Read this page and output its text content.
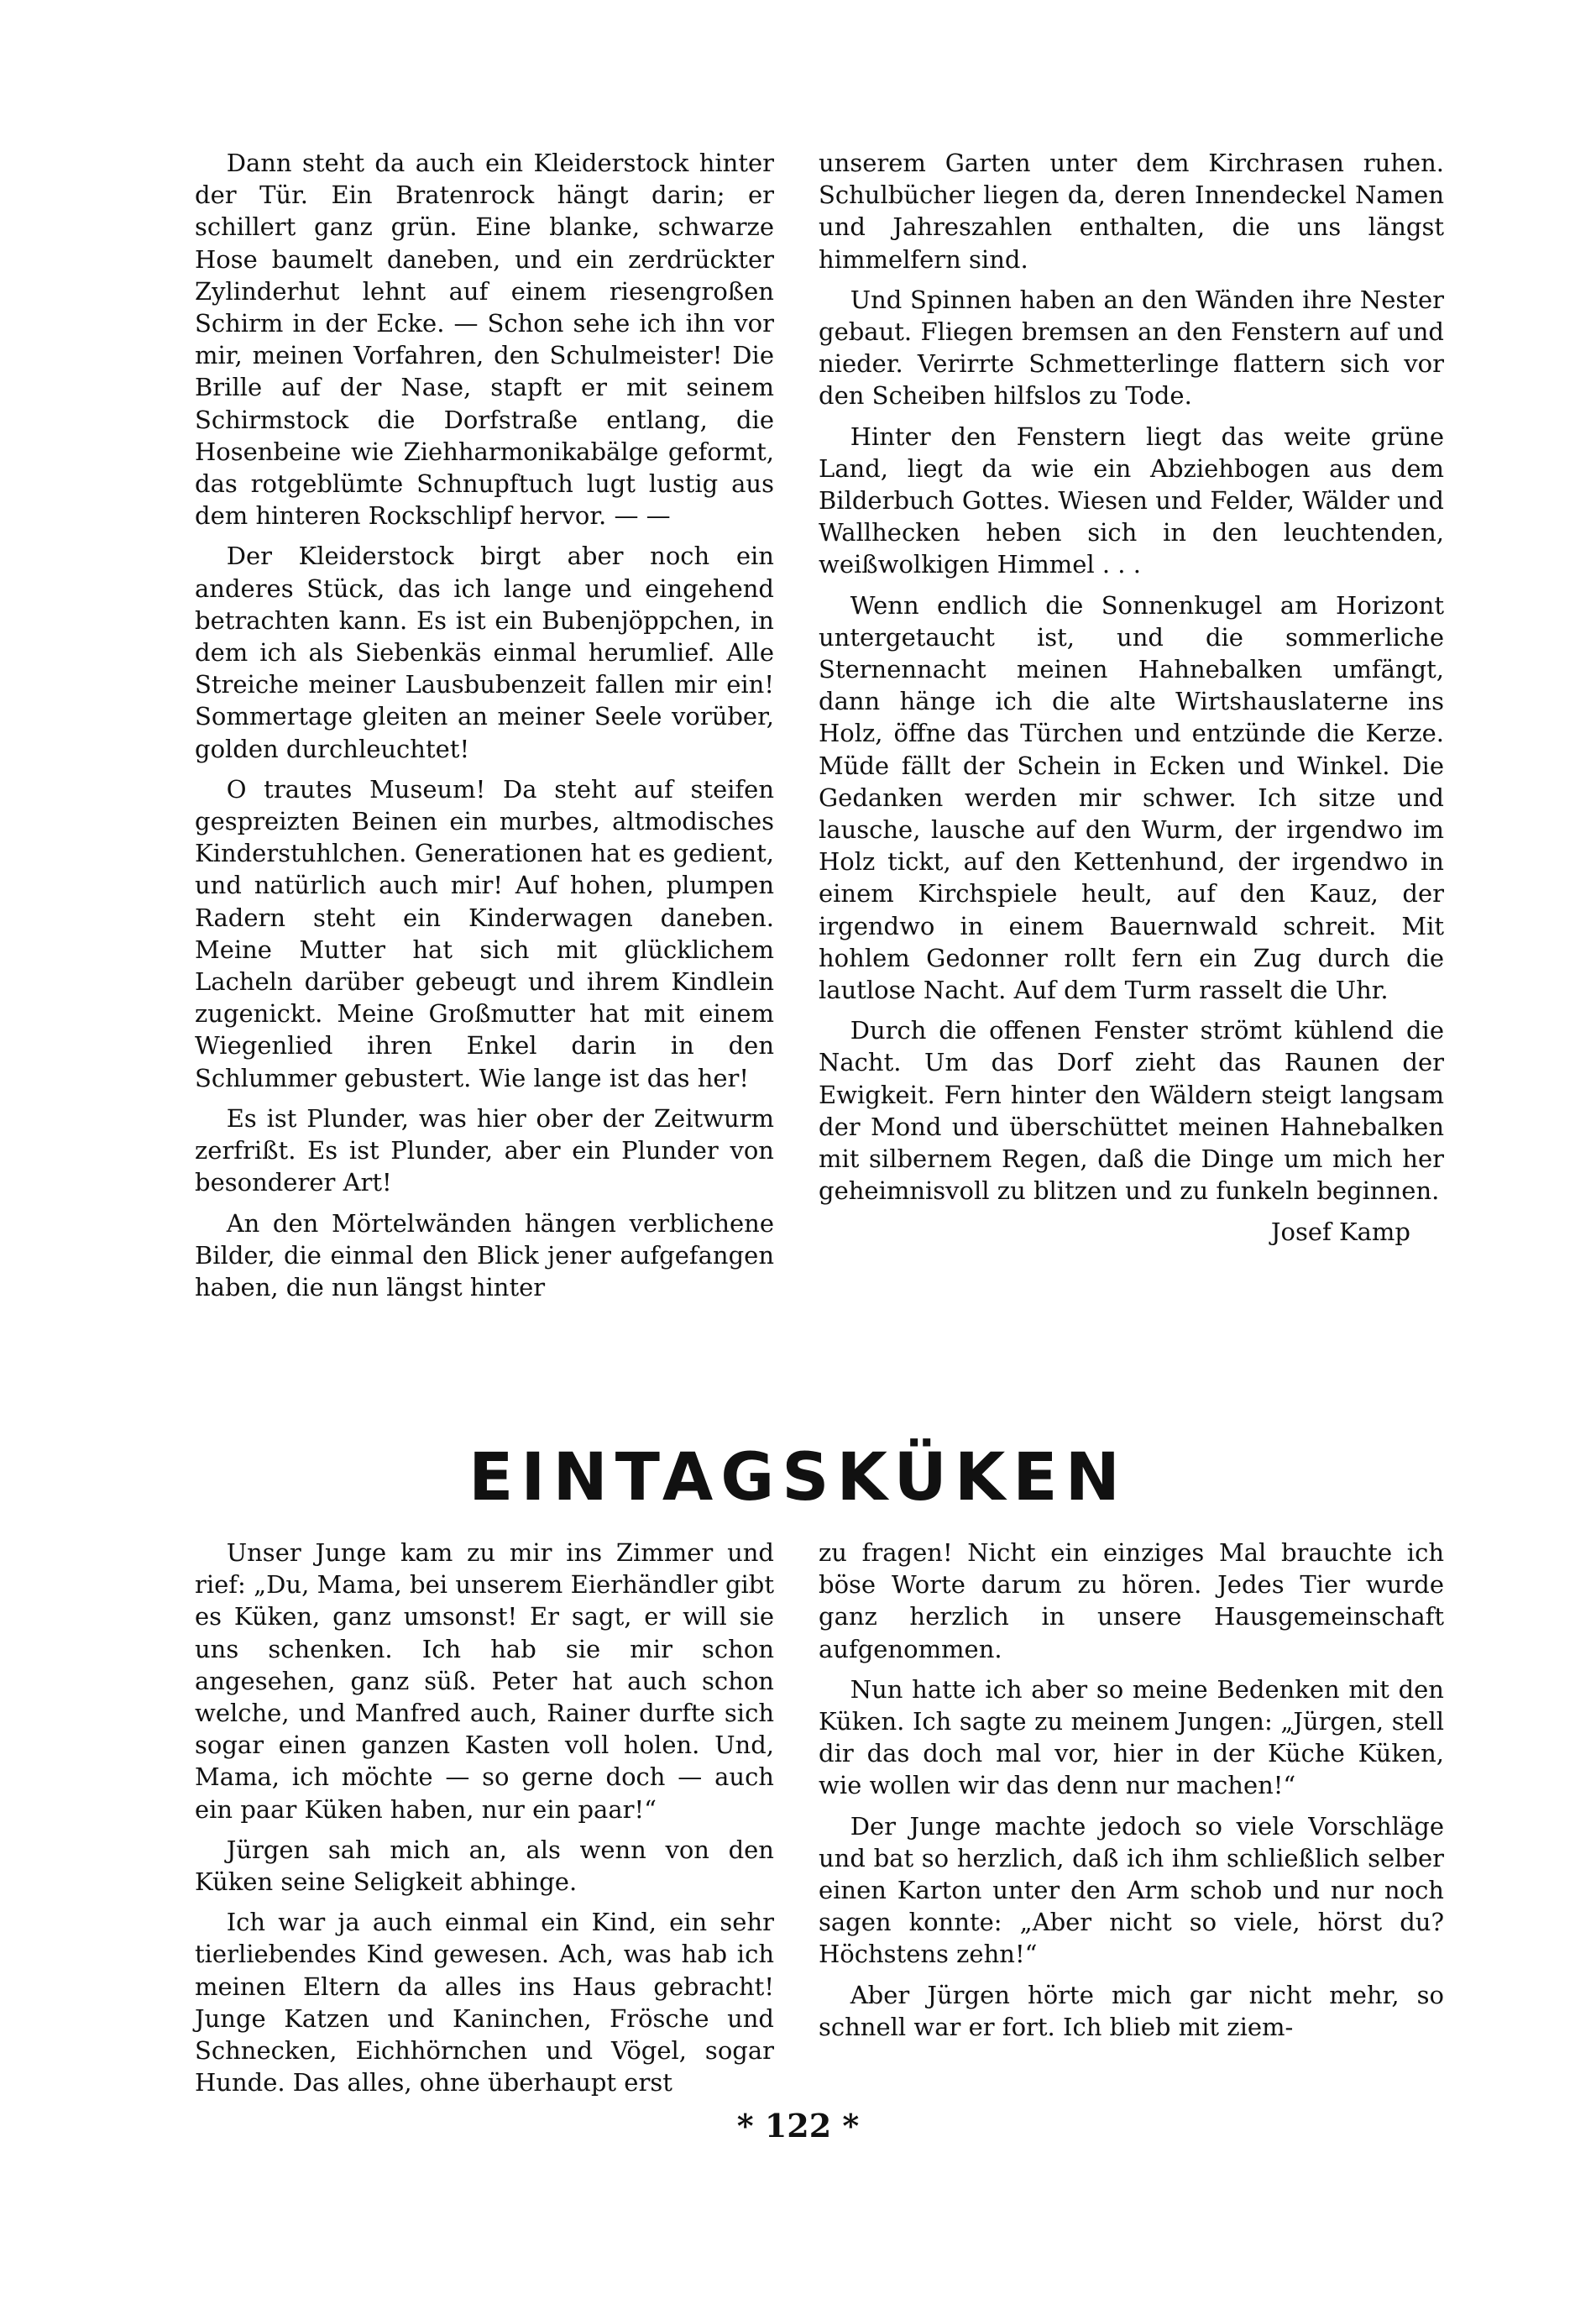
Dann steht da auch ein Kleiderstock hinter der Tür. Ein Bratenrock hängt darin; er schillert ganz grün. Eine blanke, schwarze Hose baumelt daneben, und ein zerdrückter Zylinderhut lehnt auf einem riesengroßen Schirm in der Ecke. — Schon sehe ich ihn vor mir, meinen Vorfahren, den Schulmeister! Die Brille auf der Nase, stapft er mit seinem Schirmstock die Dorfstraße entlang, die Hosenbeine wie Ziehharmonikabälge geformt, das rotgeblümte Schnupftuch lugt lustig aus dem hinteren Rockschlipf hervor. — —

Der Kleiderstock birgt aber noch ein anderes Stück, das ich lange und eingehend betrachten kann. Es ist ein Bubenjöppchen, in dem ich als Siebenkäs einmal herumlief. Alle Streiche meiner Lausbubenzeit fallen mir ein! Sommertage gleiten an meiner Seele vorüber, golden durchleuchtet!

O trautes Museum! Da steht auf steifen gespreizten Beinen ein murbes, altmodisches Kinderstuhlchen. Generationen hat es gedient, und natürlich auch mir! Auf hohen, plumpen Radern steht ein Kinderwagen daneben. Meine Mutter hat sich mit glücklichem Lacheln darüber gebeugt und ihrem Kindlein zugenickt. Meine Großmutter hat mit einem Wiegenlied ihren Enkel darin in den Schlummer gebustert. Wie lange ist das her!

Es ist Plunder, was hier ober der Zeitwurm zerfrißt. Es ist Plunder, aber ein Plunder von besonderer Art!

An den Mörtelwänden hängen verblichene Bilder, die einmal den Blick jener aufgefangen haben, die nun längst hinter

unserem Garten unter dem Kirchrasen ruhen. Schulbücher liegen da, deren Innendeckel Namen und Jahreszahlen enthalten, die uns längst himmelfern sind.

Und Spinnen haben an den Wänden ihre Nester gebaut. Fliegen bremsen an den Fenstern auf und nieder. Verirrte Schmetterlinge flattern sich vor den Scheiben hilfslos zu Tode.

Hinter den Fenstern liegt das weite grüne Land, liegt da wie ein Abziehbogen aus dem Bilderbuch Gottes. Wiesen und Felder, Wälder und Wallhecken heben sich in den leuchtenden, weißwolkigen Himmel . . .

Wenn endlich die Sonnenkugel am Horizont untergetaucht ist, und die sommerliche Sternennacht meinen Hahnebalken umfängt, dann hänge ich die alte Wirtshauslaterne ins Holz, öffne das Türchen und entzünde die Kerze. Müde fällt der Schein in Ecken und Winkel. Die Gedanken werden mir schwer. Ich sitze und lausche, lausche auf den Wurm, der irgendwo im Holz tickt, auf den Kettenhund, der irgendwo in einem Kirchspiele heult, auf den Kauz, der irgendwo in einem Bauernwald schreit. Mit hohlem Gedonner rollt fern ein Zug durch die lautlose Nacht. Auf dem Turm rasselt die Uhr.

Durch die offenen Fenster strömt kühlend die Nacht. Um das Dorf zieht das Raunen der Ewigkeit. Fern hinter den Wäldern steigt langsam der Mond und überschüttet meinen Hahnebalken mit silbernem Regen, daß die Dinge um mich her geheimnisvoll zu blitzen und zu funkeln beginnen.

Josef Kamp

EINTAGSKÜKEN

Unser Junge kam zu mir ins Zimmer und rief: „Du, Mama, bei unserem Eierhändler gibt es Küken, ganz umsonst! Er sagt, er will sie uns schenken. Ich hab sie mir schon angesehen, ganz süß. Peter hat auch schon welche, und Manfred auch, Rainer durfte sich sogar einen ganzen Kasten voll holen. Und, Mama, ich möchte — so gerne doch — auch ein paar Küken haben, nur ein paar!“

Jürgen sah mich an, als wenn von den Küken seine Seligkeit abhinge.

Ich war ja auch einmal ein Kind, ein sehr tierliebendes Kind gewesen. Ach, was hab ich meinen Eltern da alles ins Haus gebracht! Junge Katzen und Kaninchen, Frösche und Schnecken, Eichhörnchen und Vögel, sogar Hunde. Das alles, ohne überhaupt erst

zu fragen! Nicht ein einziges Mal brauchte ich böse Worte darum zu hören. Jedes Tier wurde ganz herzlich in unsere Hausgemeinschaft aufgenommen.

Nun hatte ich aber so meine Bedenken mit den Küken. Ich sagte zu meinem Jungen: „Jürgen, stell dir das doch mal vor, hier in der Küche Küken, wie wollen wir das denn nur machen!“

Der Junge machte jedoch so viele Vorschläge und bat so herzlich, daß ich ihm schließlich selber einen Karton unter den Arm schob und nur noch sagen konnte: „Aber nicht so viele, hörst du? Höchstens zehn!“

Aber Jürgen hörte mich gar nicht mehr, so schnell war er fort. Ich blieb mit ziem-

* 122 *
